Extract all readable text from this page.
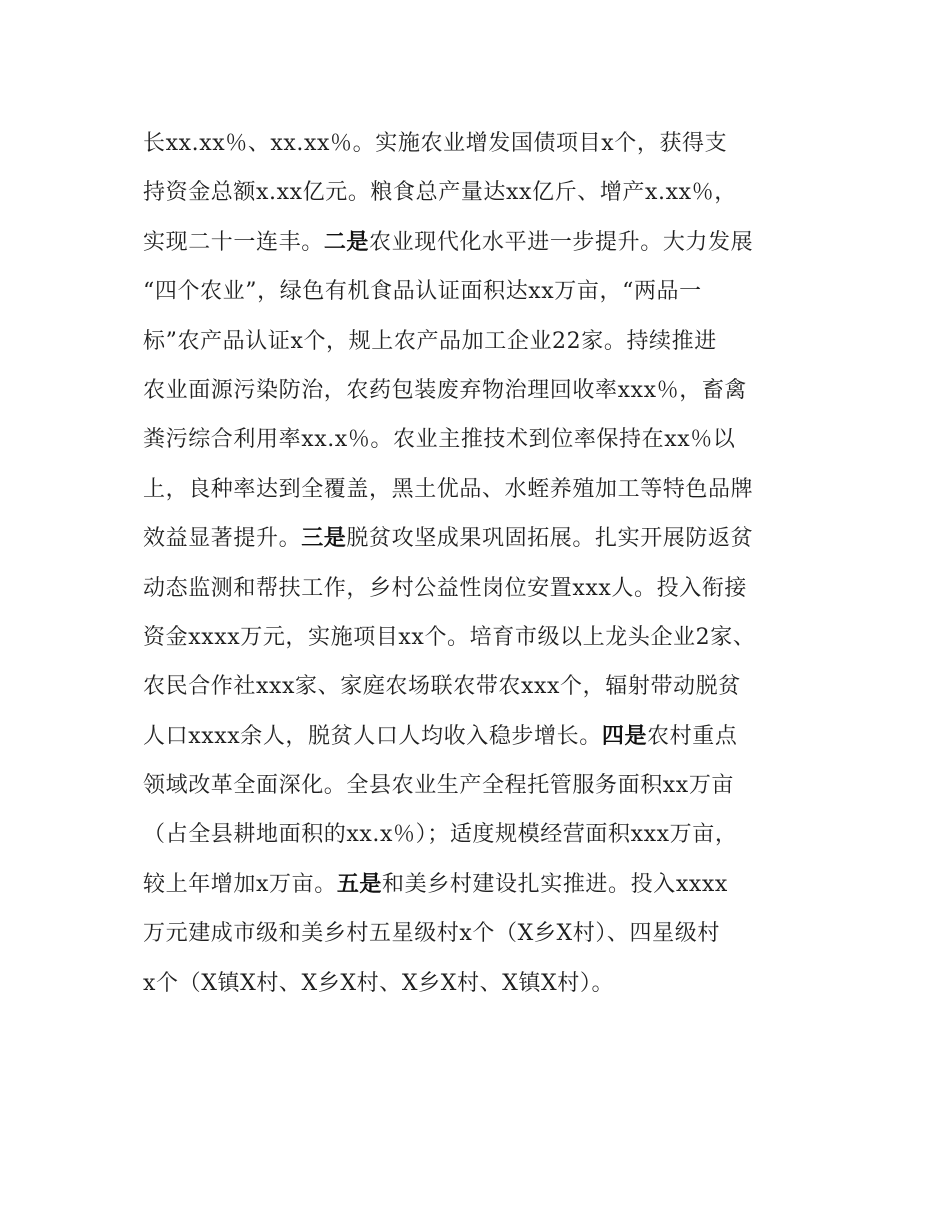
长xx.xx％、xx.xx％。实施农业增发国债项目x个，获得支
持资金总额x.xx亿元。粮食总产量达xx亿斤、增产x.xx％，
实现二十一连丰。二是农业现代化水平进一步提升。大力发展
“四个农业”，绿色有机食品认证面积达xx万亩，“两品一
标”农产品认证x个，规上农产品加工企业22家。持续推进
农业面源污染防治，农药包装废弃物治理回收率xxx％，畜禽
粪污综合利用率xx.x％。农业主推技术到位率保持在xx％以
上，良种率达到全覆盖，黑土优品、水蛭养殖加工等特色品牌
效益显著提升。三是脱贫攻坚成果巩固拓展。扎实开展防返贫
动态监测和帮扶工作，乡村公益性岗位安置xxx人。投入衔接
资金xxxx万元，实施项目xx个。培育市级以上龙头企业2家、
农民合作社xxx家、家庭农场联农带农xxx个，辐射带动脱贫
人口xxxx余人，脱贫人口人均收入稳步增长。四是农村重点
领域改革全面深化。全县农业生产全程托管服务面积xx万亩
（占全县耕地面积的xx.x％）；适度规模经营面积xxx万亩，
较上年增加x万亩。五是和美乡村建设扎实推进。投入xxxx
万元建成市级和美乡村五星级村x个（X乡X村）、四星级村
x个（X镇X村、X乡X村、X乡X村、X镇X村）。
